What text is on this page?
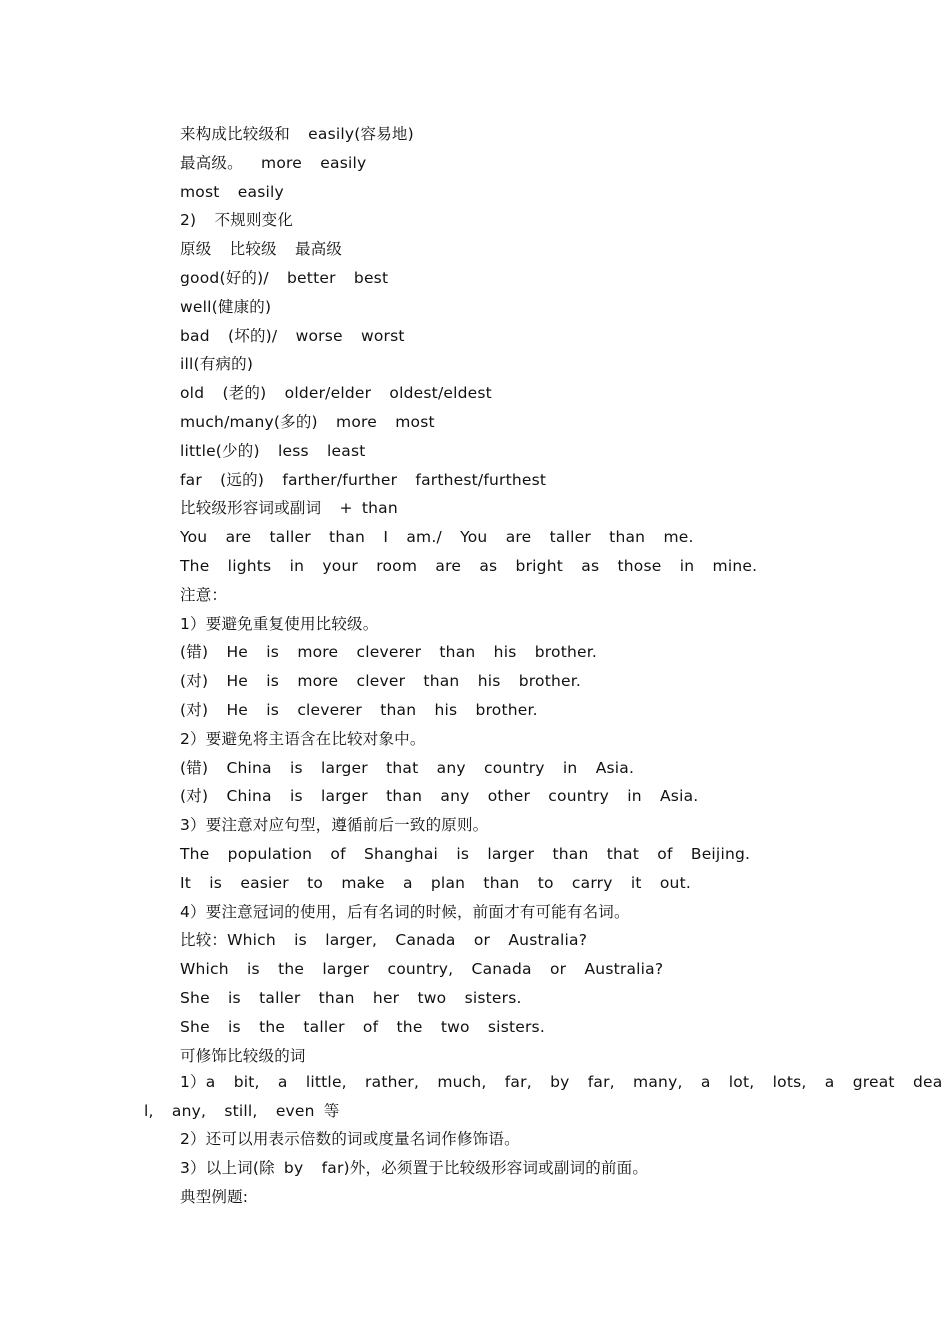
来构成比较级和  easily(容易地)
最高级。  more  easily
most  easily
2)  不规则变化
原级  比较级  最高级
good(好的)/  better  best
well(健康的)
bad  (坏的)/  worse  worst
ill(有病的)
old  (老的)  older/elder  oldest/eldest
much/many(多的)  more  most
little(少的)  less  least
far  (远的)  farther/further  farthest/furthest
比较级形容词或副词  + than
You  are  taller  than  I  am./  You  are  taller  than  me.
The  lights  in  your  room  are  as  bright  as  those  in  mine.
注意：
1）要避免重复使用比较级。
(错)  He  is  more  cleverer  than  his  brother.
(对)  He  is  more  clever  than  his  brother.
(对)  He  is  cleverer  than  his  brother.
2）要避免将主语含在比较对象中。
(错)  China  is  larger  that  any  country  in  Asia.
(对)  China  is  larger  than  any  other  country  in  Asia.
3）要注意对应句型，遵循前后一致的原则。
The  population  of  Shanghai  is  larger  than  that  of  Beijing.
It  is  easier  to  make  a  plan  than  to  carry  it  out.
4）要注意冠词的使用，后有名词的时候，前面才有可能有名词。
比较：Which  is  larger,  Canada  or  Australia?
Which  is  the  larger  country,  Canada  or  Australia?
She  is  taller  than  her  two  sisters.
She  is  the  taller  of  the  two  sisters.
可修饰比较级的词
1）a  bit,  a  little,  rather,  much,  far,  by  far,  many,  a  lot,  lots,  a  great  dea
l,  any,  still,  even 等
2）还可以用表示倍数的词或度量名词作修饰语。
3）以上词(除 by  far)外，必须置于比较级形容词或副词的前面。
典型例题:
